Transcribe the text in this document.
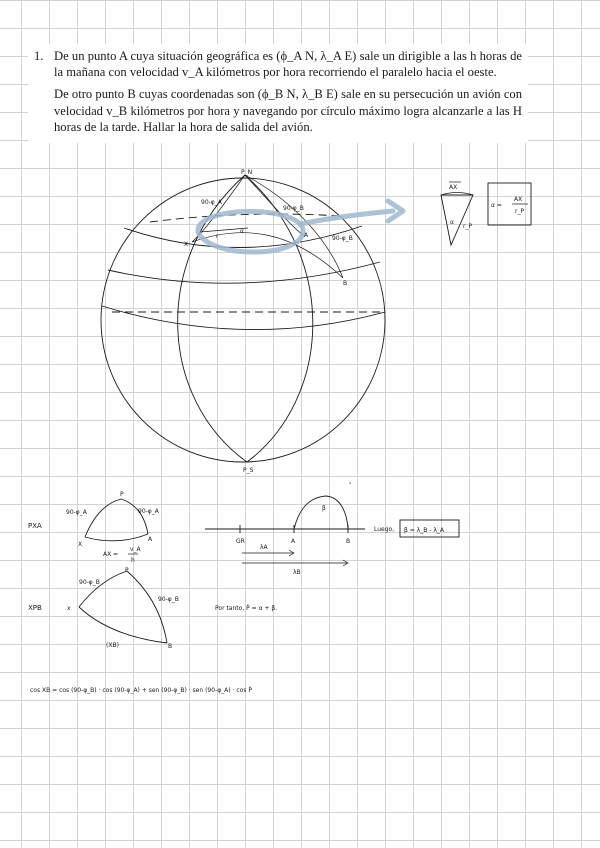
1. De un punto A cuya situación geográfica es (ϕ_A N, λ_A E) sale un dirigible a las h horas de la mañana con velocidad v_A kilómetros por hora recorriendo el paralelo hacia el oeste.

De otro punto B cuyas coordenadas son (ϕ_B N, λ_B E) sale en su persecución un avión con velocidad v_B kilómetros por hora y navegando por círculo máximo logra alcanzarle a las H horas de la tarde. Hallar la hora de salida del avión.

P_N
P_S
90-φ_A
90-φ_B
90-φ_B
X
A
B
r
α
AX
α
r_P
α =
AX
r_P
PXA
P
X
A
90-φ_A	90-φ_A
AX =
v_A
h
GR	A	B
β
›
λA
λB
Luego, β = λ_B - λ_A
XPB
P
x
B
90-φ_B
90-φ_B
(XB)
Por tanto, P̂ = α + β.
cos XB = cos (90-φ_B) · cos (90-φ_A) + sen (90-φ_B) · sen (90-φ_A) · cos P̂
